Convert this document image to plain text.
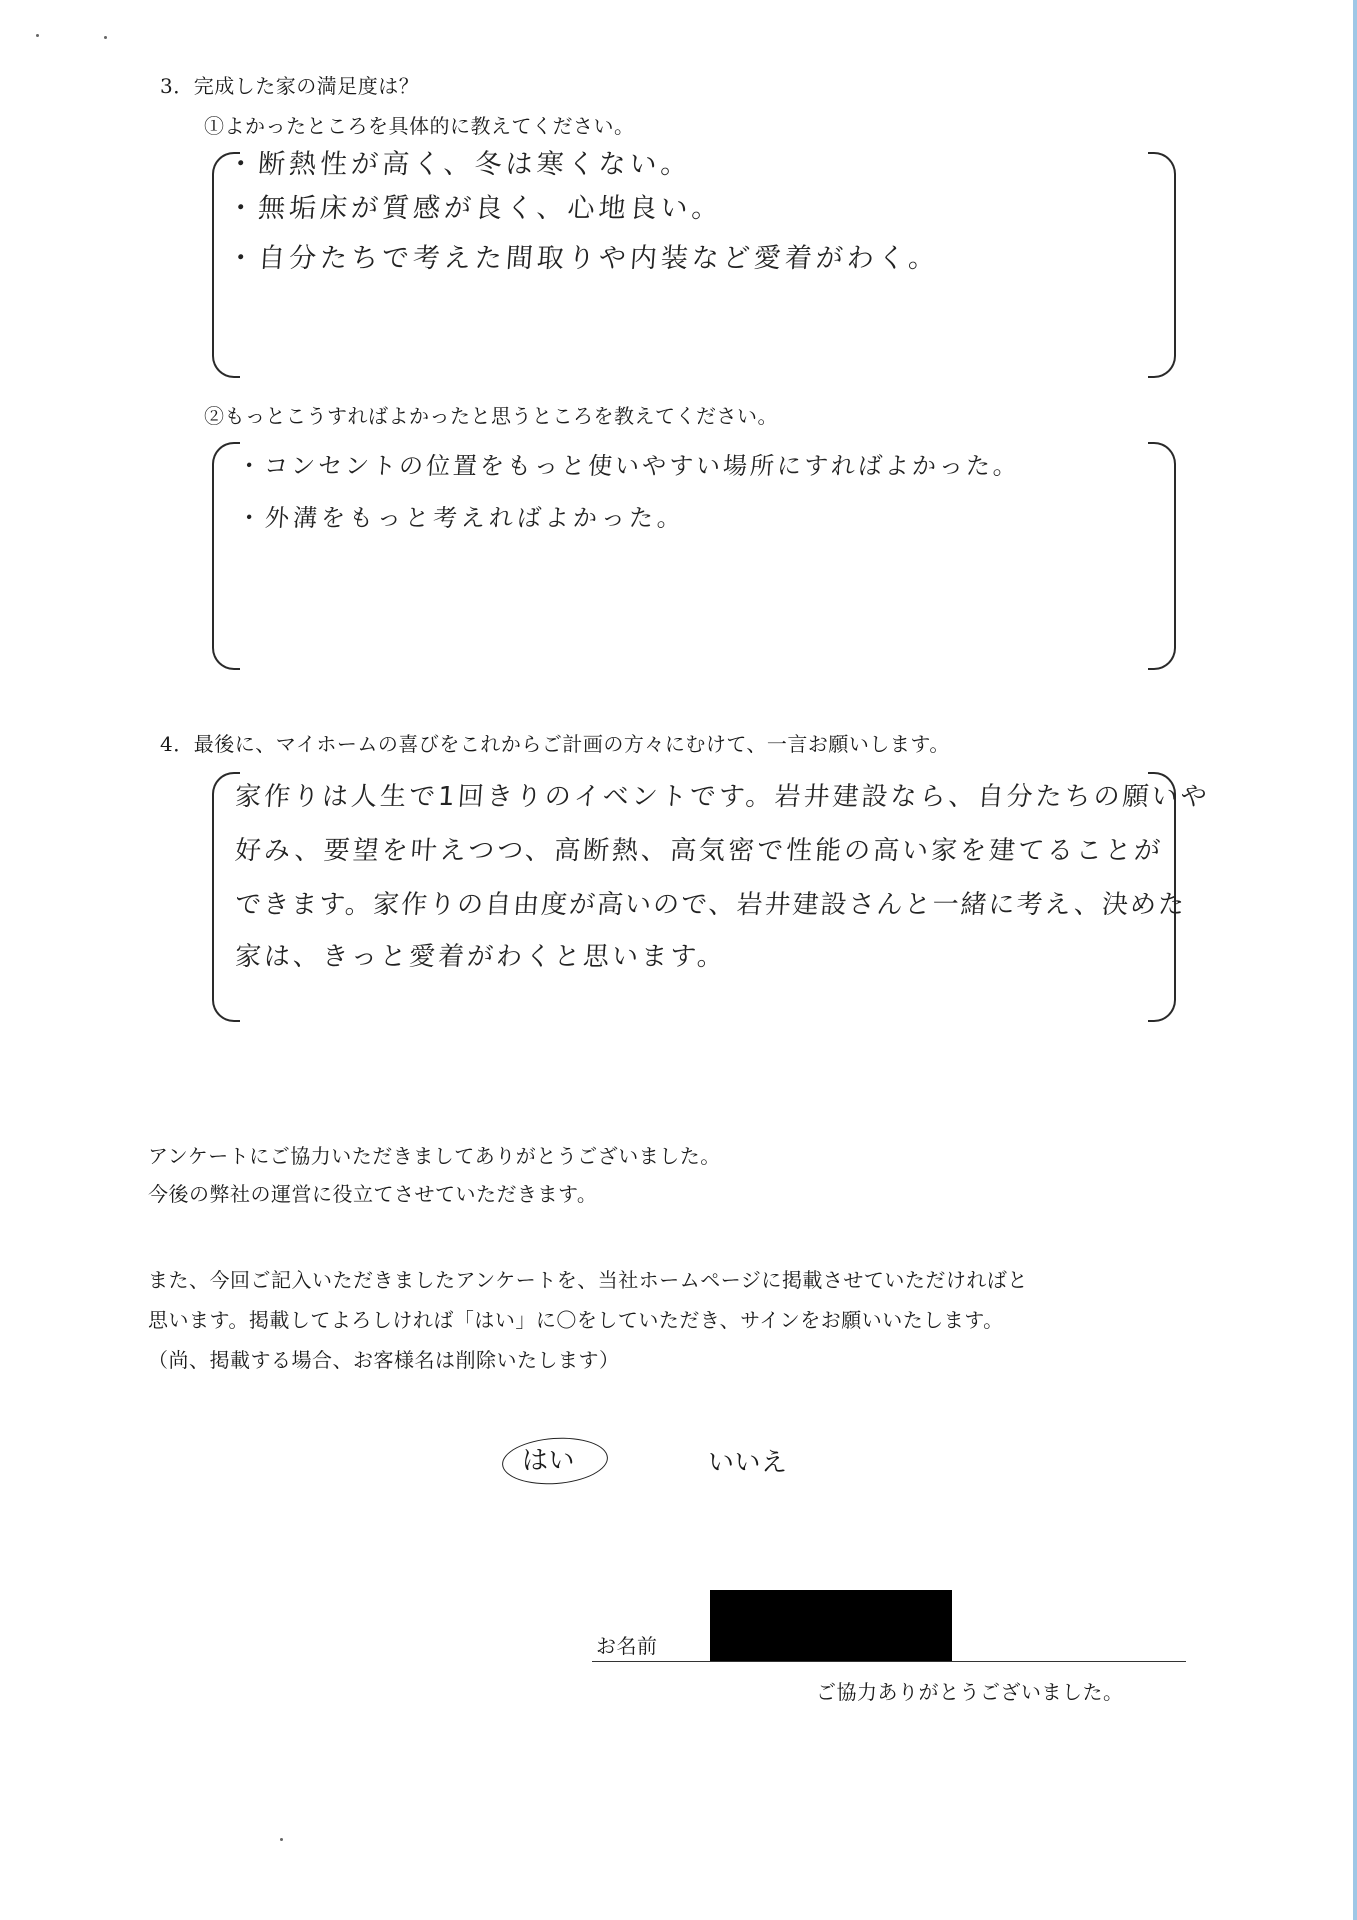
3．完成した家の満足度は？
①よかったところを具体的に教えてください。
・断熱性が高く、冬は寒くない。
・無垢床が質感が良く、心地良い。
・自分たちで考えた間取りや内装など愛着がわく。
②もっとこうすればよかったと思うところを教えてください。
・コンセントの位置をもっと使いやすい場所にすればよかった。
・外溝をもっと考えればよかった。
4．最後に、マイホームの喜びをこれからご計画の方々にむけて、一言お願いします。
家作りは人生で1回きりのイベントです。岩井建設なら、自分たちの願いや
好み、要望を叶えつつ、高断熱、高気密で性能の高い家を建てることが
できます。家作りの自由度が高いので、岩井建設さんと一緒に考え、決めた
家は、きっと愛着がわくと思います。
アンケートにご協力いただきましてありがとうございました。
今後の弊社の運営に役立てさせていただきます。
また、今回ご記入いただきましたアンケートを、当社ホームページに掲載させていただければと
思います。掲載してよろしければ「はい」に〇をしていただき、サインをお願いいたします。
（尚、掲載する場合、お客様名は削除いたします）
はい	いいえ
お名前
ご協力ありがとうございました。
